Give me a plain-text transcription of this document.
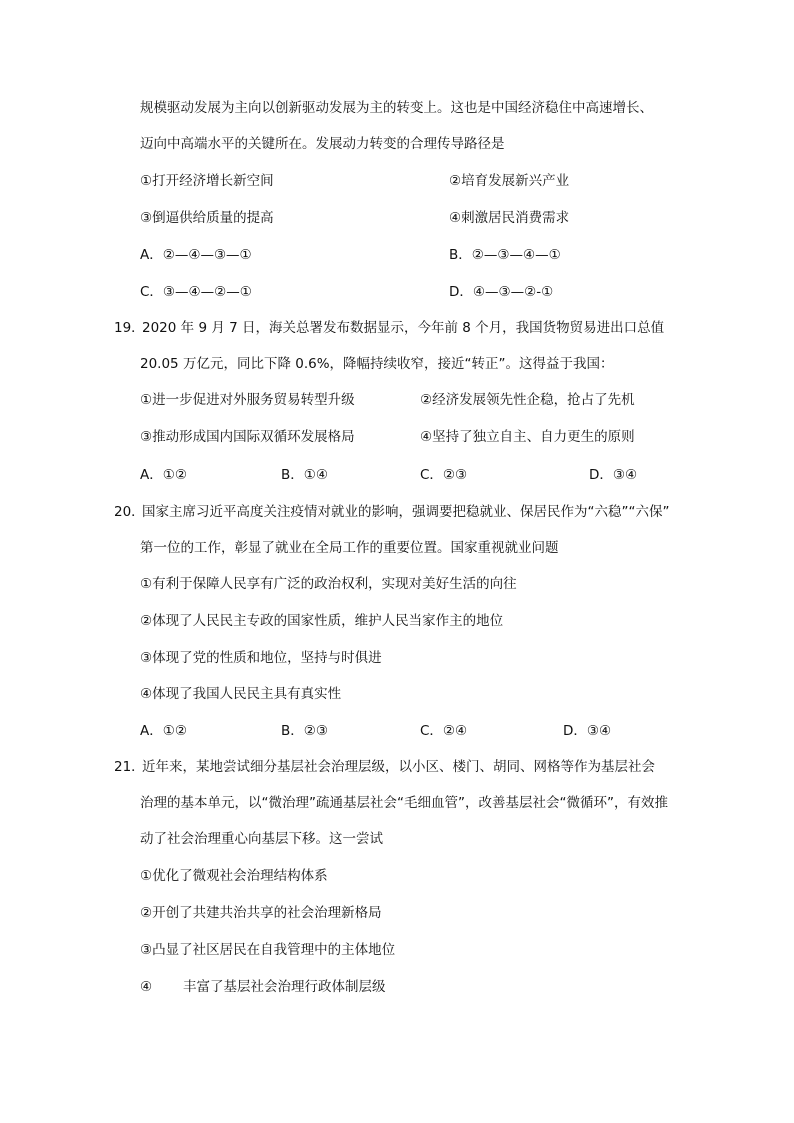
规模驱动发展为主向以创新驱动发展为主的转变上。这也是中国经济稳住中高速增长、
迈向中高端水平的关键所在。发展动力转变的合理传导路径是
①打开经济增长新空间	②培育发展新兴产业
③倒逼供给质量的提高	④刺激居民消费需求
A．②—④—③—①	B．②—③—④—①
C．③—④—②—①	D．④—③—②-①
19．
2020 年 9 月 7 日，海关总署发布数据显示，今年前 8 个月，我国货物贸易进出口总值
20.05 万亿元，同比下降 0.6%，降幅持续收窄，接近“转正”。这得益于我国：
①进一步促进对外服务贸易转型升级	②经济发展领先性企稳，抢占了先机
③推动形成国内国际双循环发展格局	④坚持了独立自主、自力更生的原则
A．①②	B．①④	C．②③	D．③④
20．
国家主席习近平高度关注疫情对就业的影响，强调要把稳就业、保居民作为“六稳”“六保”
第一位的工作，彰显了就业在全局工作的重要位置。国家重视就业问题
①有利于保障人民享有广泛的政治权利，实现对美好生活的向往
②体现了人民民主专政的国家性质，维护人民当家作主的地位
③体现了党的性质和地位，坚持与时俱进
④体现了我国人民民主具有真实性
A．①②	B．②③	C．②④	D．③④
21．
近年来，某地尝试细分基层社会治理层级，以小区、楼门、胡同、网格等作为基层社会
治理的基本单元，以“微治理”疏通基层社会“毛细血管”，改善基层社会“微循环”，有效推
动了社会治理重心向基层下移。这一尝试
①优化了微观社会治理结构体系
②开创了共建共治共享的社会治理新格局
③凸显了社区居民在自我管理中的主体地位
④ 丰富了基层社会治理行政体制层级
